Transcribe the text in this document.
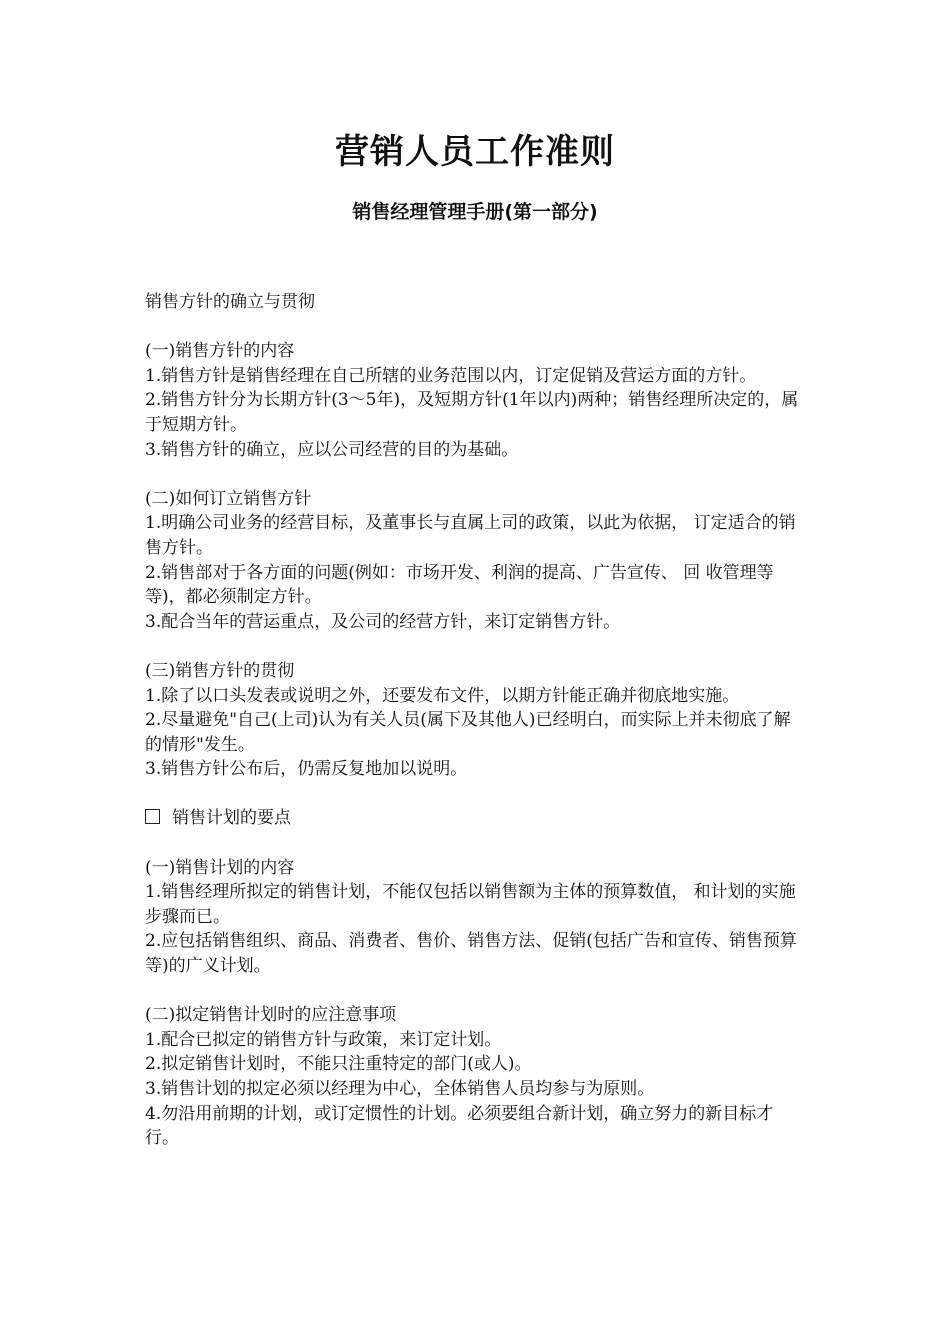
营销人员工作准则
销售经理管理手册(第一部分)

销售方针的确立与贯彻

(一)销售方针的内容

1.销售方针是销售经理在自己所辖的业务范围以内，订定促销及营运方面的方针。

2.销售方针分为长期方针(3～5年)，及短期方针(1年以内)两种；销售经理所决定的，属于短期方针。

3.销售方针的确立，应以公司经营的目的为基础。

(二)如何订立销售方针

1.明确公司业务的经营目标，及董事长与直属上司的政策，以此为依据， 订定适合的销售方针。

2.销售部对于各方面的问题(例如：市场开发、利润的提高、广告宣传、 回 收管理等等)，都必须制定方针。

3.配合当年的营运重点，及公司的经营方针，来订定销售方针。

(三)销售方针的贯彻

1.除了以口头发表或说明之外，还要发布文件，以期方针能正确并彻底地实施。

2.尽量避免"自己(上司)认为有关人员(属下及其他人)已经明白，而实际上并未彻底了解的情形"发生。

3.销售方针公布后，仍需反复地加以说明。

销售计划的要点

(一)销售计划的内容

1.销售经理所拟定的销售计划，不能仅包括以销售额为主体的预算数值， 和计划的实施步骤而已。

2.应包括销售组织、商品、消费者、售价、销售方法、促销(包括广告和宣传、销售预算等)的广义计划。

(二)拟定销售计划时的应注意事项

1.配合已拟定的销售方针与政策，来订定计划。

2.拟定销售计划时，不能只注重特定的部门(或人)。

3.销售计划的拟定必须以经理为中心，全体销售人员均参与为原则。

4.勿沿用前期的计划，或订定惯性的计划。必须要组合新计划，确立努力的新目标才行。
